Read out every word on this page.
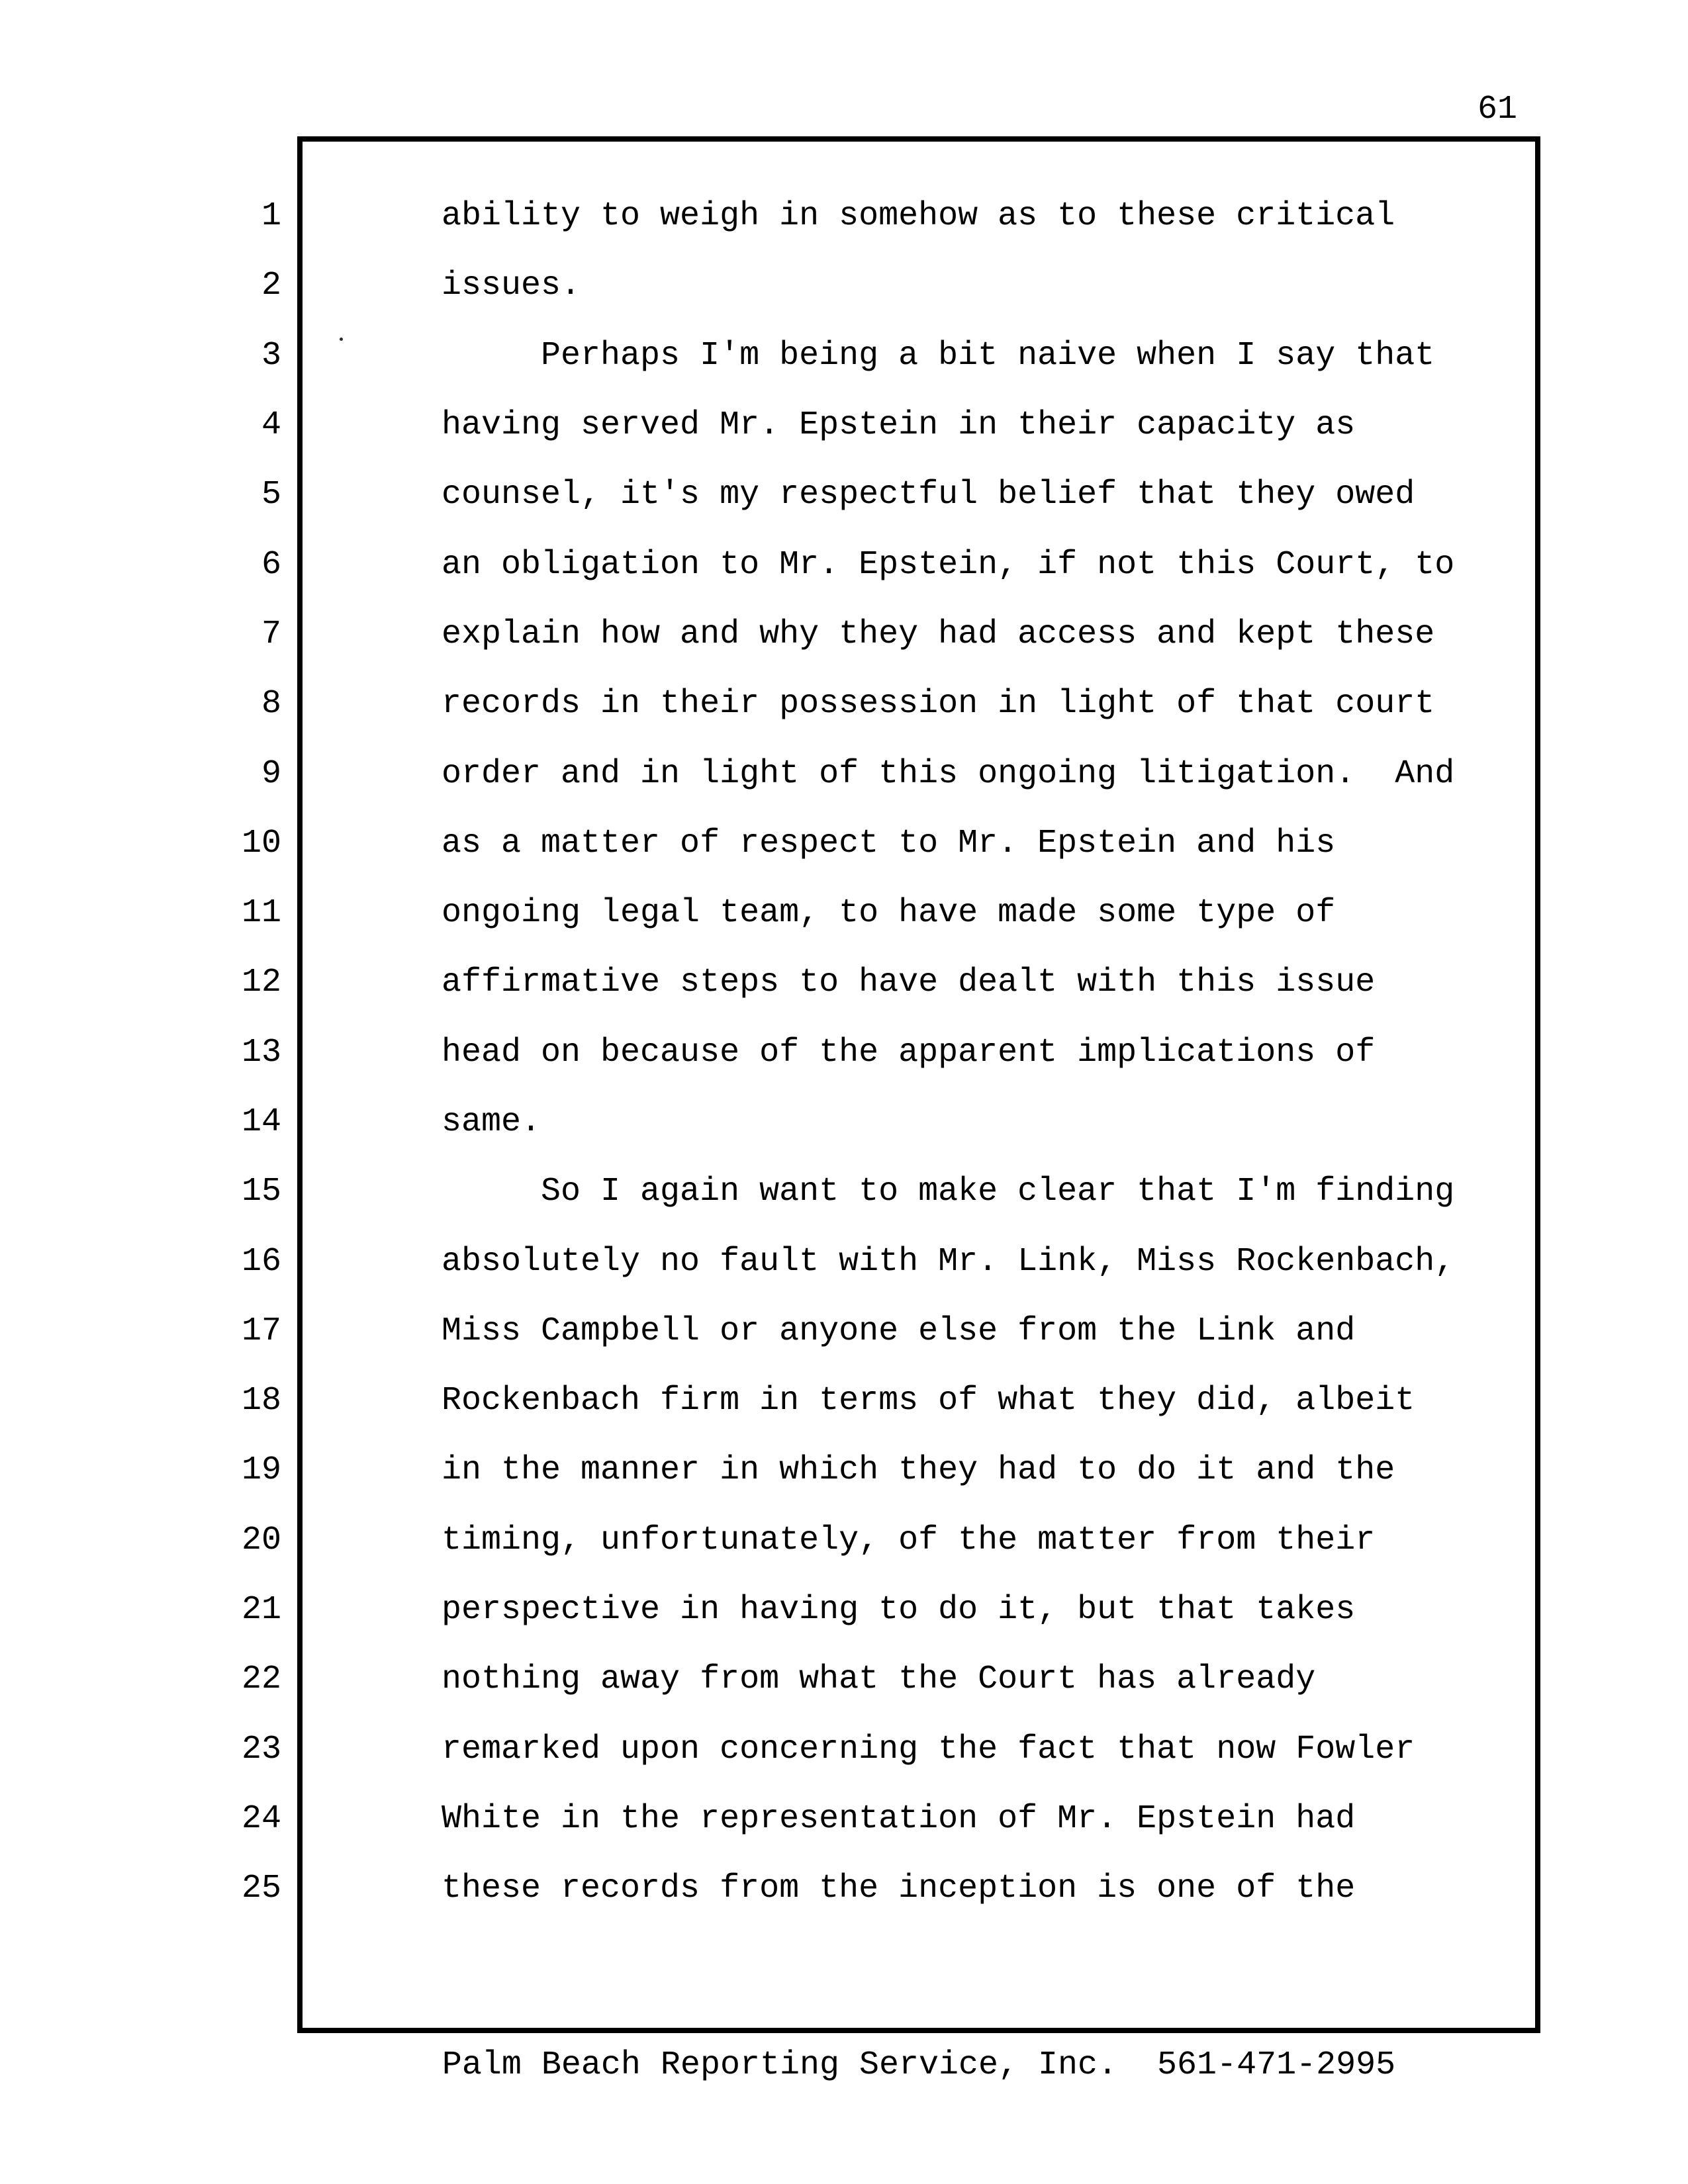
61
1	ability to weigh in somehow as to these critical
2	issues.
3	Perhaps I'm being a bit naive when I say that
4	having served Mr. Epstein in their capacity as
5	counsel, it's my respectful belief that they owed
6	an obligation to Mr. Epstein, if not this Court, to
7	explain how and why they had access and kept these
8	records in their possession in light of that court
9	order and in light of this ongoing litigation.  And
10	as a matter of respect to Mr. Epstein and his
11	ongoing legal team, to have made some type of
12	affirmative steps to have dealt with this issue
13	head on because of the apparent implications of
14	same.
15	So I again want to make clear that I'm finding
16	absolutely no fault with Mr. Link, Miss Rockenbach,
17	Miss Campbell or anyone else from the Link and
18	Rockenbach firm in terms of what they did, albeit
19	in the manner in which they had to do it and the
20	timing, unfortunately, of the matter from their
21	perspective in having to do it, but that takes
22	nothing away from what the Court has already
23	remarked upon concerning the fact that now Fowler
24	White in the representation of Mr. Epstein had
25	these records from the inception is one of the
Palm Beach Reporting Service, Inc.  561-471-2995
